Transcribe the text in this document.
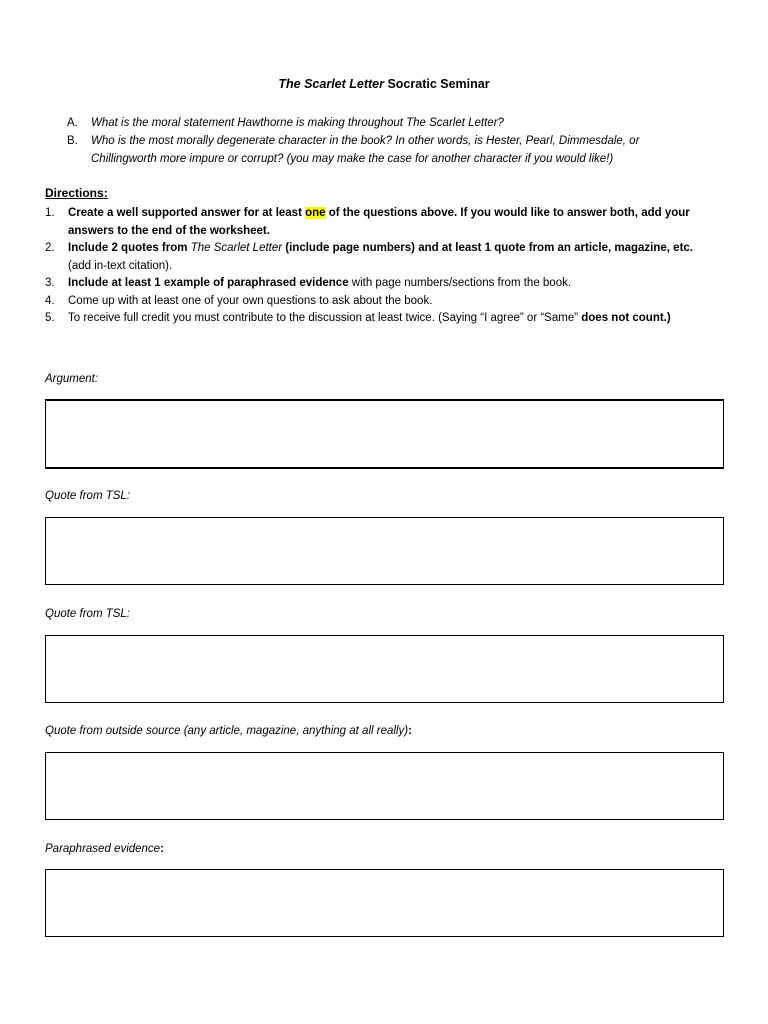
The Scarlet Letter Socratic Seminar
A. What is the moral statement Hawthorne is making throughout The Scarlet Letter?
B. Who is the most morally degenerate character in the book? In other words, is Hester, Pearl, Dimmesdale, or Chillingworth more impure or corrupt? (you may make the case for another character if you would like!)
Directions:
1. Create a well supported answer for at least one of the questions above. If you would like to answer both, add your answers to the end of the worksheet.
2. Include 2 quotes from The Scarlet Letter (include page numbers) and at least 1 quote from an article, magazine, etc. (add in-text citation).
3. Include at least 1 example of paraphrased evidence with page numbers/sections from the book.
4. Come up with at least one of your own questions to ask about the book.
5. To receive full credit you must contribute to the discussion at least twice. (Saying “I agree” or “Same” does not count.)
Argument:
Quote from TSL:
Quote from TSL:
Quote from outside source (any article, magazine, anything at all really):
Paraphrased evidence:
